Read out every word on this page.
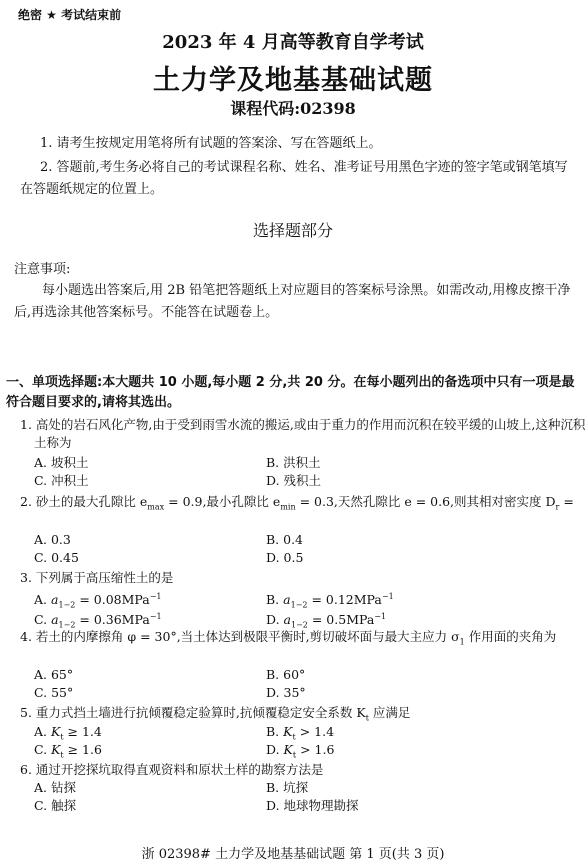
绝密 ★ 考试结束前
2023 年 4 月高等教育自学考试
土力学及地基基础试题
课程代码:02398
1. 请考生按规定用笔将所有试题的答案涂、写在答题纸上。
2. 答题前,考生务必将自己的考试课程名称、姓名、准考证号用黑色字迹的签字笔或钢笔填写在答题纸规定的位置上。
选择题部分
注意事项:
每小题选出答案后,用 2B 铅笔把答题纸上对应题目的答案标号涂黑。如需改动,用橡皮擦干净后,再选涂其他答案标号。不能答在试题卷上。
一、单项选择题:本大题共 10 小题,每小题 2 分,共 20 分。在每小题列出的备选项中只有一项是最符合题目要求的,请将其选出。
1. 高处的岩石风化产物,由于受到雨雪水流的搬运,或由于重力的作用而沉积在较平缓的山坡上,这种沉积土称为
A. 坡积土	B. 洪积土
C. 冲积土	D. 残积土
2. 砂土的最大孔隙比 $e_{max} = 0.9$,最小孔隙比 $e_{min} = 0.3$,天然孔隙比 e = 0.6,则其相对密实度 $D_r$ =
A. 0.3	B. 0.4
C. 0.45	D. 0.5
3. 下列属于高压缩性土的是
A. $a_{1-2} = 0.08MPa^{-1}$	B. $a_{1-2} = 0.12MPa^{-1}$
C. $a_{1-2} = 0.36MPa^{-1}$	D. $a_{1-2} = 0.5MPa^{-1}$
4. 若土的内摩擦角 φ = 30°,当土体达到极限平衡时,剪切破坏面与最大主应力 $\sigma_1$ 作用面的夹角为
A. 65°	B. 60°
C. 55°	D. 35°
5. 重力式挡土墙进行抗倾覆稳定验算时,抗倾覆稳定安全系数 $K_t$ 应满足
A. $K_t \ge 1.4$	B. $K_t > 1.4$
C. $K_t \ge 1.6$	D. $K_t > 1.6$
6. 通过开挖探坑取得直观资料和原状土样的勘察方法是
A. 钻探	B. 坑探
C. 触探	D. 地球物理勘探
浙 02398# 土力学及地基基础试题 第 1 页(共 3 页)
